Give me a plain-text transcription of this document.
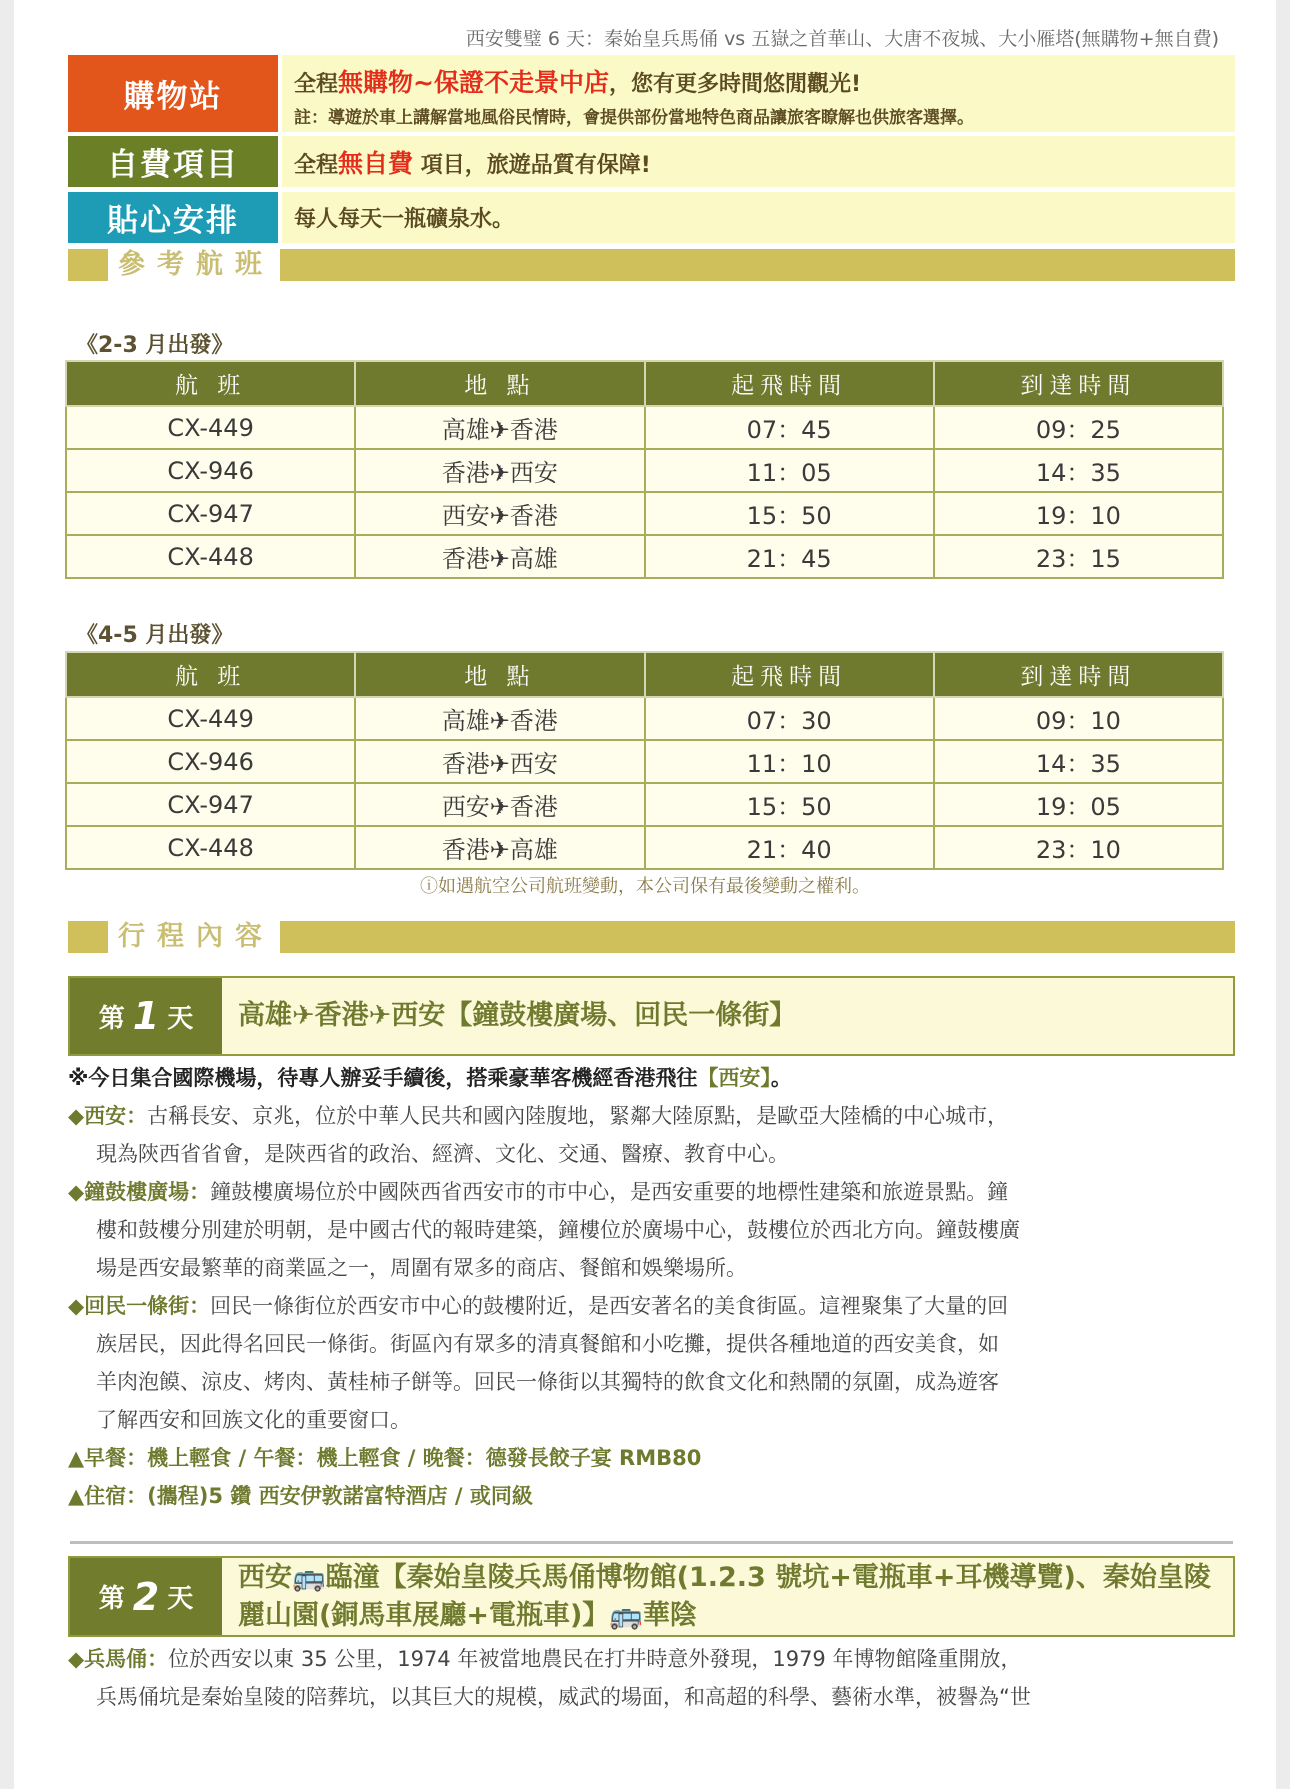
西安雙璧 6 天：秦始皇兵馬俑 vs 五嶽之首華山、大唐不夜城、大小雁塔(無購物+無自費)
購物站	全程無購物~保證不走景中店，您有更多時間悠閒觀光!
註：導遊於車上講解當地風俗民情時，會提供部份當地特色商品讓旅客瞭解也供旅客選擇。
自費項目	全程無自費 項目，旅遊品質有保障!
貼心安排	每人每天一瓶礦泉水。
參考航班
《2-3 月出發》
航 班	地 點	起飛時間	到達時間
CX-449	高雄✈香港	07：45	09：25
CX-946	香港✈西安	11：05	14：35
CX-947	西安✈香港	15：50	19：10
CX-448	香港✈高雄	21：45	23：15
《4-5 月出發》
航 班	地 點	起飛時間	到達時間
CX-449	高雄✈香港	07：30	09：10
CX-946	香港✈西安	11：10	14：35
CX-947	西安✈香港	15：50	19：05
CX-448	香港✈高雄	21：40	23：10
ⓘ如遇航空公司航班變動，本公司保有最後變動之權利。
行程內容
第 1 天 高雄✈香港✈西安【鐘鼓樓廣場、回民一條街】
※今日集合國際機場，待專人辦妥手續後，搭乘豪華客機經香港飛往【西安】。
◆西安：古稱長安、京兆，位於中華人民共和國內陸腹地，緊鄰大陸原點，是歐亞大陸橋的中心城市，
現為陝西省省會，是陝西省的政治、經濟、文化、交通、醫療、教育中心。
◆鐘鼓樓廣場：鐘鼓樓廣場位於中國陝西省西安市的市中心，是西安重要的地標性建築和旅遊景點。鐘
樓和鼓樓分別建於明朝，是中國古代的報時建築，鐘樓位於廣場中心，鼓樓位於西北方向。鐘鼓樓廣
場是西安最繁華的商業區之一，周圍有眾多的商店、餐館和娛樂場所。
◆回民一條街：回民一條街位於西安市中心的鼓樓附近，是西安著名的美食街區。這裡聚集了大量的回
族居民，因此得名回民一條街。街區內有眾多的清真餐館和小吃攤，提供各種地道的西安美食，如
羊肉泡饃、涼皮、烤肉、黃桂柿子餅等。回民一條街以其獨特的飲食文化和熱鬧的氛圍，成為遊客
了解西安和回族文化的重要窗口。
▲早餐：機上輕食 / 午餐：機上輕食 / 晚餐：德發長餃子宴 RMB80
▲住宿：(攜程)5 鑽 西安伊敦諾富特酒店 / 或同級
第 2 天
西安🚌臨潼【秦始皇陵兵馬俑博物館(1.2.3 號坑+電瓶車+耳機導覽)、秦始皇陵
麗山園(銅馬車展廳+電瓶車)】🚌華陰
◆兵馬俑：位於西安以東 35 公里，1974 年被當地農民在打井時意外發現，1979 年博物館隆重開放，
兵馬俑坑是秦始皇陵的陪葬坑，以其巨大的規模，威武的場面，和高超的科學、藝術水準，被譽為“世
